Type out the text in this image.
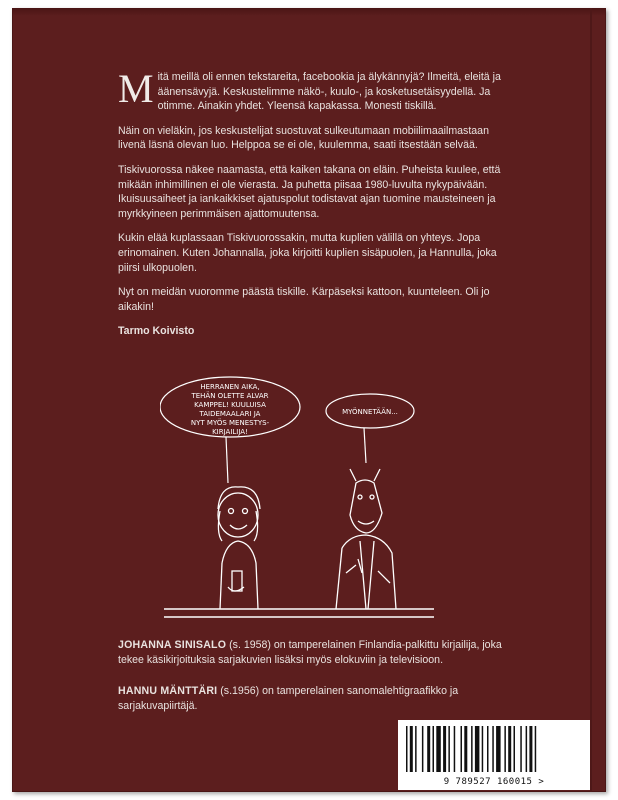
Mitä meillä oli ennen tekstareita, facebookia ja älykännyjä? Ilmeitä, eleitä ja äänensävyjä. Keskustelimme näkö-, kuulo-, ja kosketusetäisyydellä. Ja otimme. Ainakin yhdet. Yleensä kapakassa. Monesti tiskillä.

Näin on vieläkin, jos keskustelijat suostuvat sulkeutumaan mobiilimaailmastaan livenä läsnä olevan luo. Helppoa se ei ole, kuulemma, saati itsestään selvää.

Tiskivuorossa näkee naamasta, että kaiken takana on eläin. Puheista kuulee, että mikään inhimillinen ei ole vierasta. Ja puhetta piisaa 1980-luvulta nykypäivään. Ikuisuusaiheet ja iankaikkiset ajatuspolut todistavat ajan tuomine mausteineen ja myrkkyineen perimmäisen ajattomuutensa.

Kukin elää kuplassaan Tiskivuorossakin, mutta kuplien välillä on yhteys. Jopa erinomainen. Kuten Johannalla, joka kirjoitti kuplien sisäpuolen, ja Hannulla, joka piirsi ulkopuolen.

Nyt on meidän vuoromme päästä tiskille. Kärpäseksi kattoon, kuunteleen. Oli jo aikakin!

Tarmo Koivisto

HERRANEN AIKA,
TEHÄN OLETTE ALVAR
KAMPPEL! KUULUISA
TAIDEMAALARI JA
NYT MYÖS MENESTYS-
KIRJAILIJA!
MYÖNNETÄÄN...
JOHANNA SINISALO (s. 1958) on tamperelainen Finlandia-palkittu kirjailija, joka tekee käsikirjoituksia sarjakuvien lisäksi myös elokuviin ja televisioon.
HANNU MÄNTTÄRI (s.1956) on tamperelainen sanomalehtigraafikko ja sarjakuvapiirtäjä.
9 789527 160015 >
